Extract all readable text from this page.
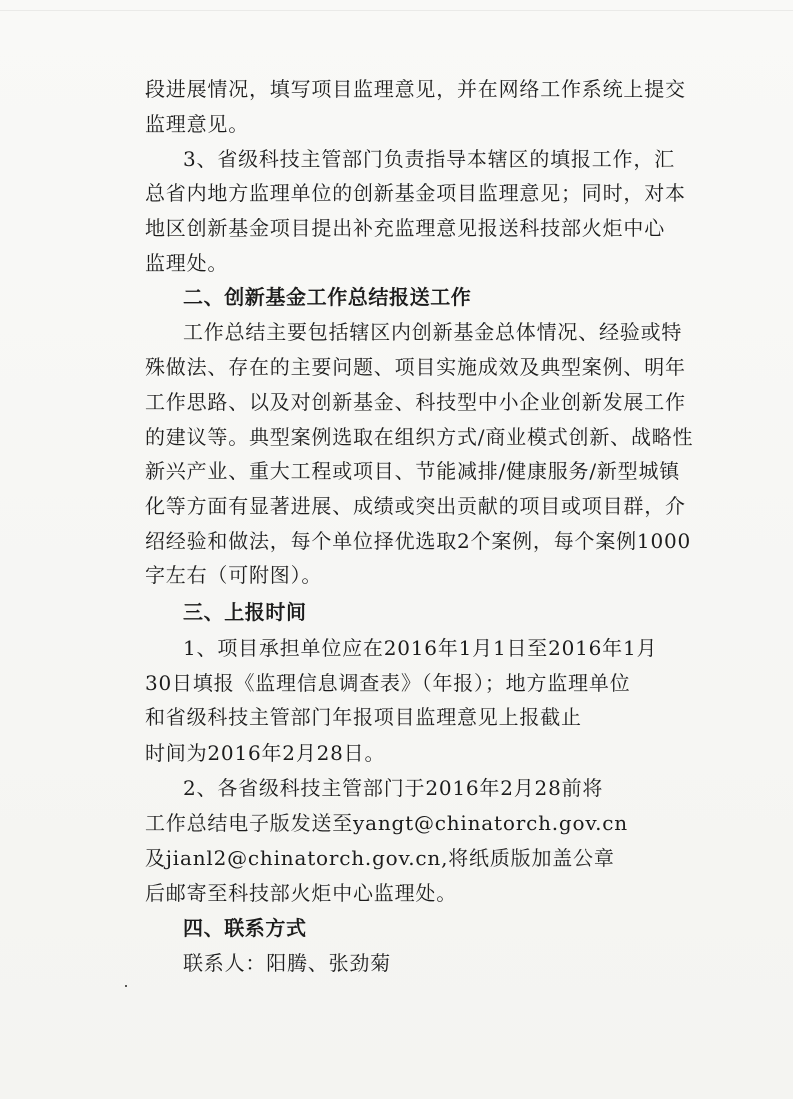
段进展情况，填写项目监理意见，并在网络工作系统上提交
监理意见。
3、省级科技主管部门负责指导本辖区的填报工作，汇
总省内地方监理单位的创新基金项目监理意见；同时，对本
地区创新基金项目提出补充监理意见报送科技部火炬中心
监理处。
二、创新基金工作总结报送工作
工作总结主要包括辖区内创新基金总体情况、经验或特
殊做法、存在的主要问题、项目实施成效及典型案例、明年
工作思路、以及对创新基金、科技型中小企业创新发展工作
的建议等。典型案例选取在组织方式/商业模式创新、战略性
新兴产业、重大工程或项目、节能减排/健康服务/新型城镇
化等方面有显著进展、成绩或突出贡献的项目或项目群，介
绍经验和做法，每个单位择优选取2个案例，每个案例1000
字左右（可附图）。
三、上报时间
1、项目承担单位应在2016年1月1日至2016年1月
30日填报《监理信息调查表》（年报）；地方监理单位
和省级科技主管部门年报项目监理意见上报截止
时间为2016年2月28日。
2、各省级科技主管部门于2016年2月28前将
工作总结电子版发送至yangt@chinatorch.gov.cn
及jianl2@chinatorch.gov.cn,将纸质版加盖公章
后邮寄至科技部火炬中心监理处。
四、联系方式
联系人：阳腾、张劲菊
